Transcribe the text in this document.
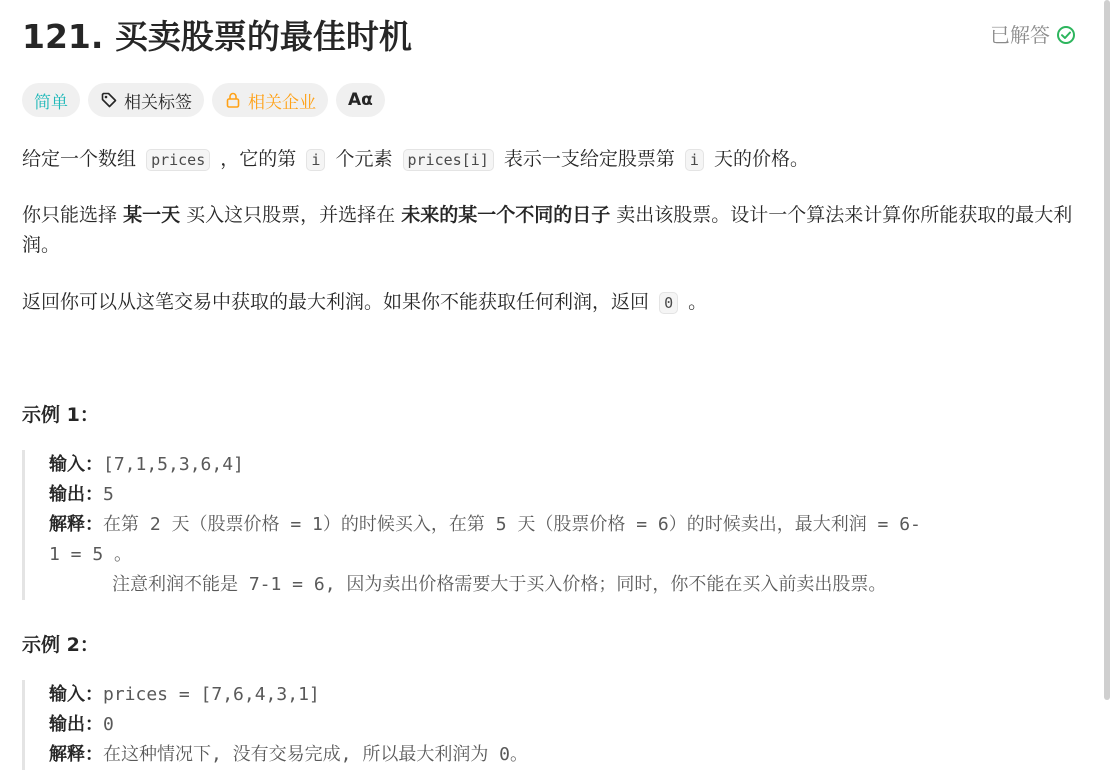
121. 买卖股票的最佳时机	已解答
简单	相关标签	相关企业 Aα
给定一个数组 prices ，它的第 i 个元素 prices[i] 表示一支给定股票第 i 天的价格。
你只能选择 某一天 买入这只股票，并选择在 未来的某一个不同的日子 卖出该股票。设计一个算法来计算你所能获取的最大利润。
返回你可以从这笔交易中获取的最大利润。如果你不能获取任何利润，返回 0 。
示例 1：
输入：[7,1,5,3,6,4]
输出：5
解释：在第 2 天（股票价格 = 1）的时候买入，在第 5 天（股票价格 = 6）的时候卖出，最大利润 = 6-
1 = 5 。
注意利润不能是 7-1 = 6, 因为卖出价格需要大于买入价格；同时，你不能在买入前卖出股票。
示例 2：
输入：prices = [7,6,4,3,1]
输出：0
解释：在这种情况下, 没有交易完成, 所以最大利润为 0。
